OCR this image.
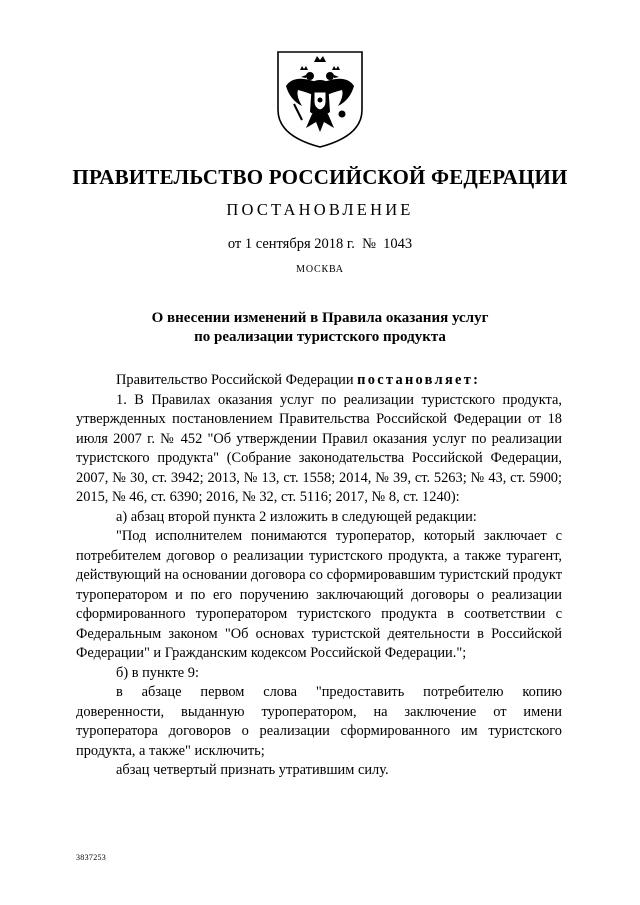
ПРАВИТЕЛЬСТВО РОССИЙСКОЙ ФЕДЕРАЦИИ
ПОСТАНОВЛЕНИЕ
от 1 сентября 2018 г. № 1043
МОСКВА
О внесении изменений в Правила оказания услуг
по реализации туристского продукта

Правительство Российской Федерации постановляет:

1. В Правилах оказания услуг по реализации туристского продукта, утвержденных постановлением Правительства Российской Федерации от 18 июля 2007 г. № 452 "Об утверждении Правил оказания услуг по реализации туристского продукта" (Собрание законодательства Российской Федерации, 2007, № 30, ст. 3942; 2013, № 13, ст. 1558; 2014, № 39, ст. 5263; № 43, ст. 5900; 2015, № 46, ст. 6390; 2016, № 32, ст. 5116; 2017, № 8, ст. 1240):

а) абзац второй пункта 2 изложить в следующей редакции:

"Под исполнителем понимаются туроператор, который заключает с потребителем договор о реализации туристского продукта, а также турагент, действующий на основании договора со сформировавшим туристский продукт туроператором и по его поручению заключающий договоры о реализации сформированного туроператором туристского продукта в соответствии с Федеральным законом "Об основах туристской деятельности в Российской Федерации" и Гражданским кодексом Российской Федерации.";

б) в пункте 9:

в абзаце первом слова "предоставить потребителю копию доверенности, выданную туроператором, на заключение от имени туроператора договоров о реализации сформированного им туристского продукта, а также" исключить;

абзац четвертый признать утратившим силу.

3837253
